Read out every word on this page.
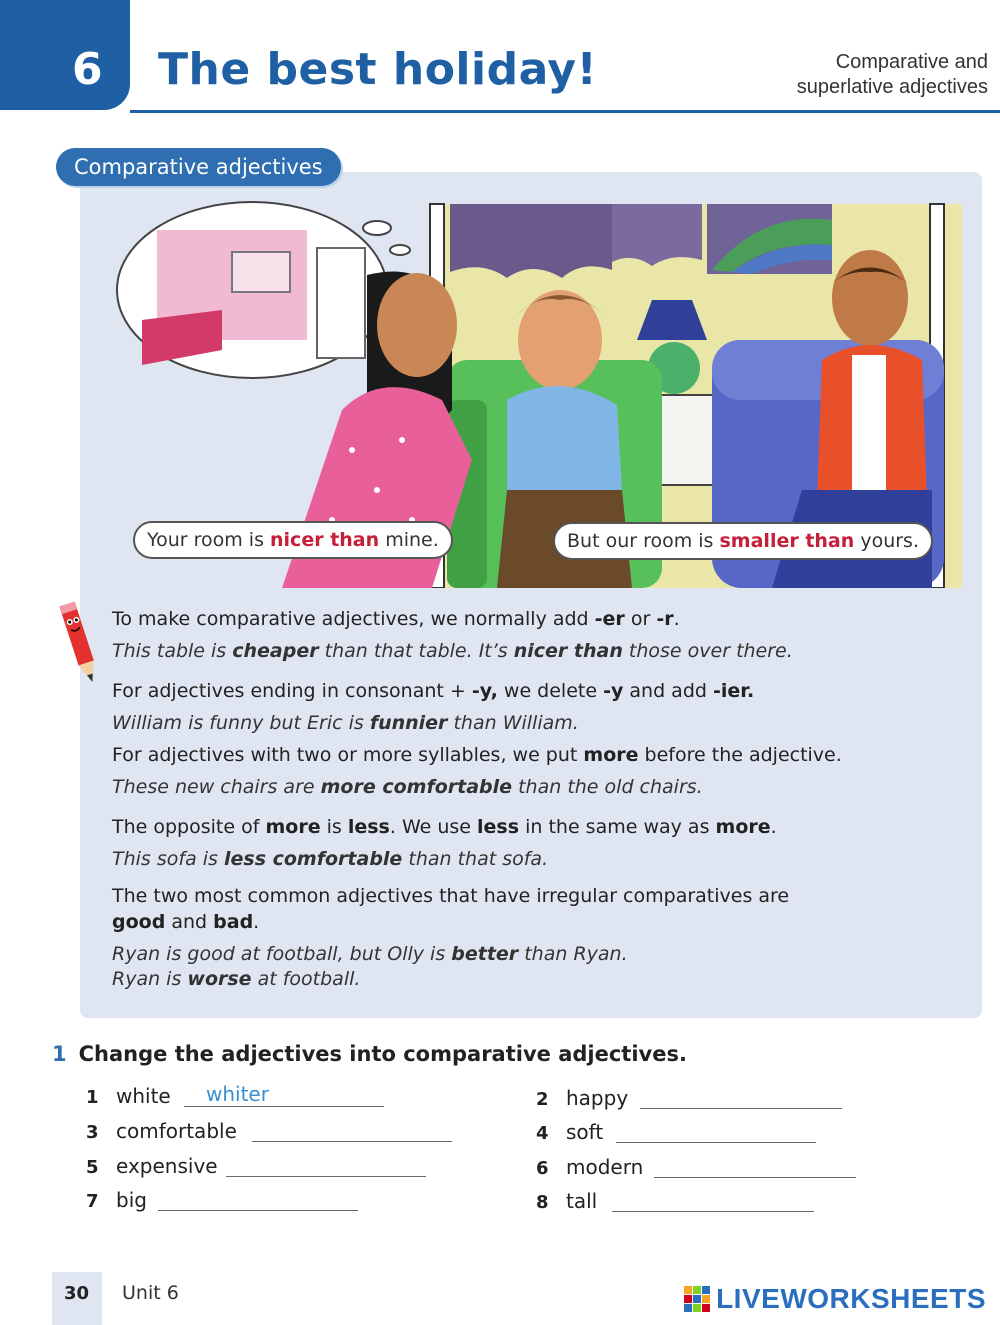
6 The best holiday!	Comparative and
superlative adjectives
Comparative adjectives
Your room is nicer than mine.	But our room is smaller than yours.

To make comparative adjectives, we normally add -er or -r.

This table is cheaper than that table. It’s nicer than those over there.

For adjectives ending in consonant + -y, we delete -y and add -ier.

William is funny but Eric is funnier than William.

For adjectives with two or more syllables, we put more before the adjective.

These new chairs are more comfortable than the old chairs.

The opposite of more is less. We use less in the same way as more.

This sofa is less comfortable than that sofa.

The two most common adjectives that have irregular comparatives are
good and bad.

Ryan is good at football, but Olly is better than Ryan.

Ryan is worse at football.

1 Change the adjectives into comparative adjectives.
1 white whiter	2 happy
3 comfortable	4 soft
5 expensive	6 modern
7 big	8 tall
30 Unit 6	LIVEWORKSHEETS
